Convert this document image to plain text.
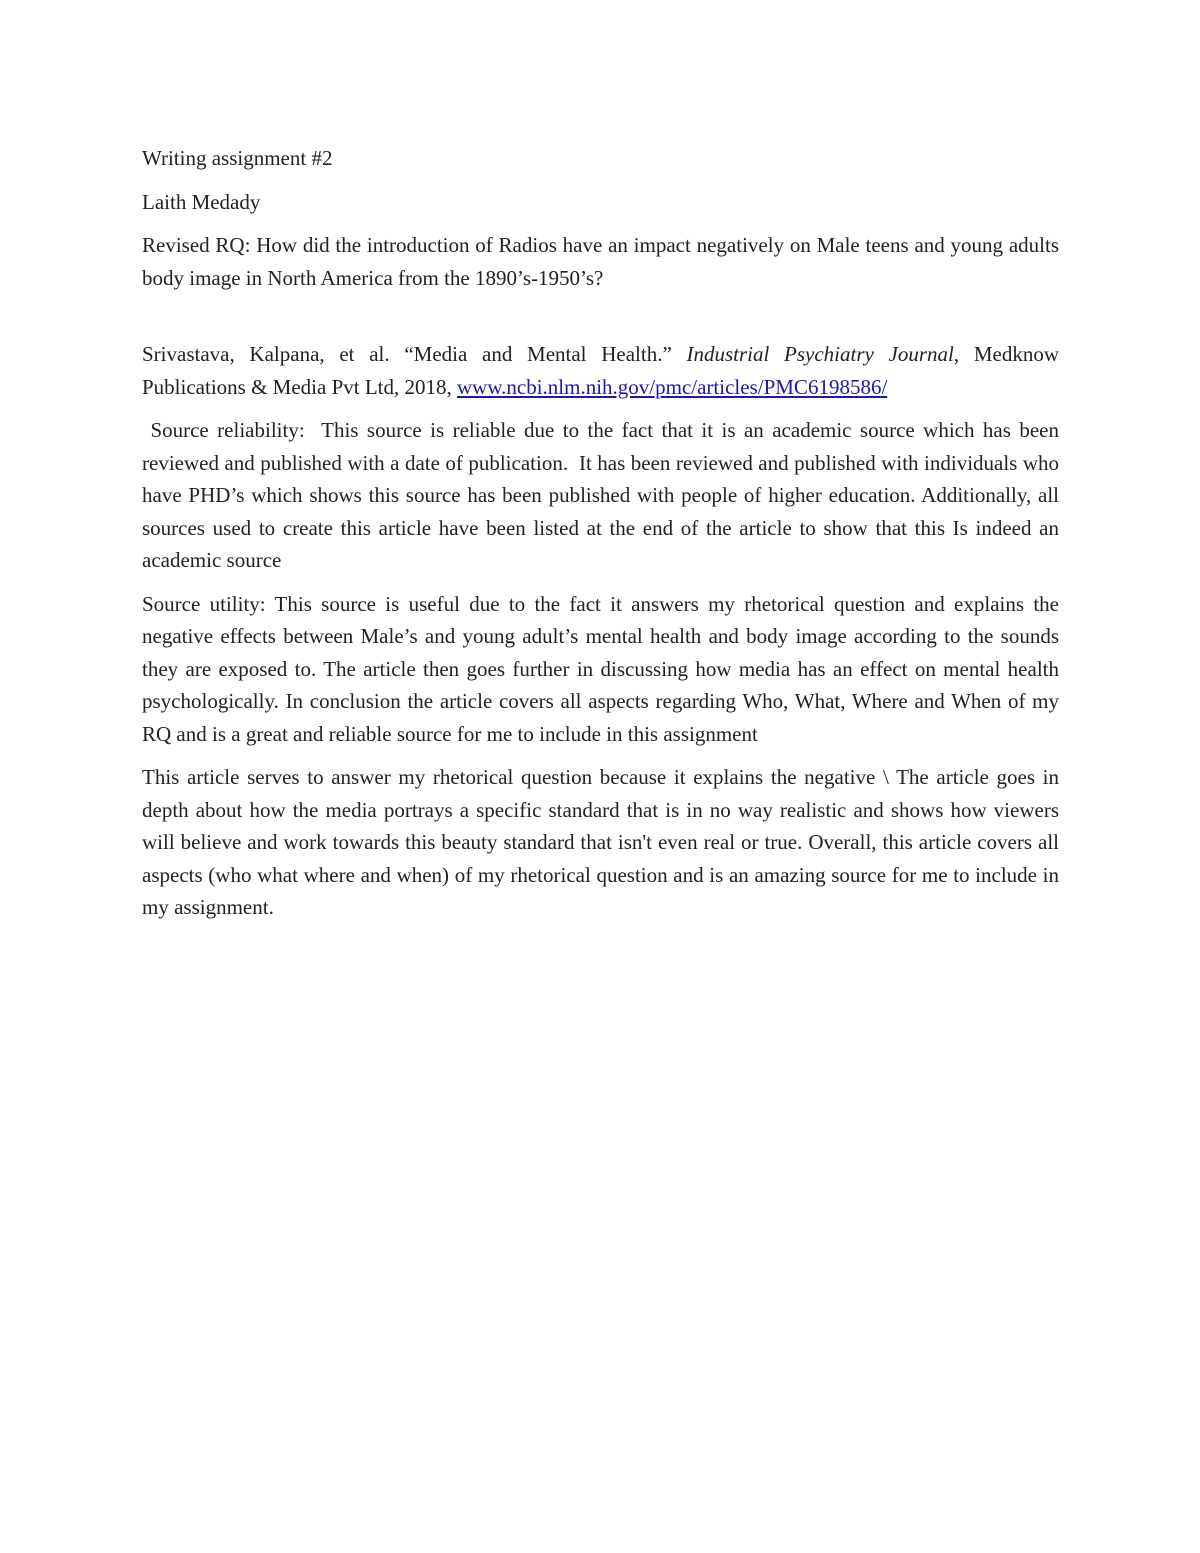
Writing assignment #2

Laith Medady

Revised RQ: How did the introduction of Radios have an impact negatively on Male teens and young adults body image in North America from the 1890’s-1950’s?

Srivastava, Kalpana, et al. “Media and Mental Health.” Industrial Psychiatry Journal, Medknow Publications & Media Pvt Ltd, 2018, www.ncbi.nlm.nih.gov/pmc/articles/PMC6198586/

Source reliability:  This source is reliable due to the fact that it is an academic source which has been reviewed and published with a date of publication.  It has been reviewed and published with individuals who have PHD’s which shows this source has been published with people of higher education. Additionally, all sources used to create this article have been listed at the end of the article to show that this Is indeed an academic source

Source utility: This source is useful due to the fact it answers my rhetorical question and explains the negative effects between Male’s and young adult’s mental health and body image according to the sounds they are exposed to. The article then goes further in discussing how media has an effect on mental health psychologically. In conclusion the article covers all aspects regarding Who, What, Where and When of my RQ and is a great and reliable source for me to include in this assignment

This article serves to answer my rhetorical question because it explains the negative \ The article goes in depth about how the media portrays a specific standard that is in no way realistic and shows how viewers will believe and work towards this beauty standard that isn't even real or true. Overall, this article covers all aspects (who what where and when) of my rhetorical question and is an amazing source for me to include in my assignment.
